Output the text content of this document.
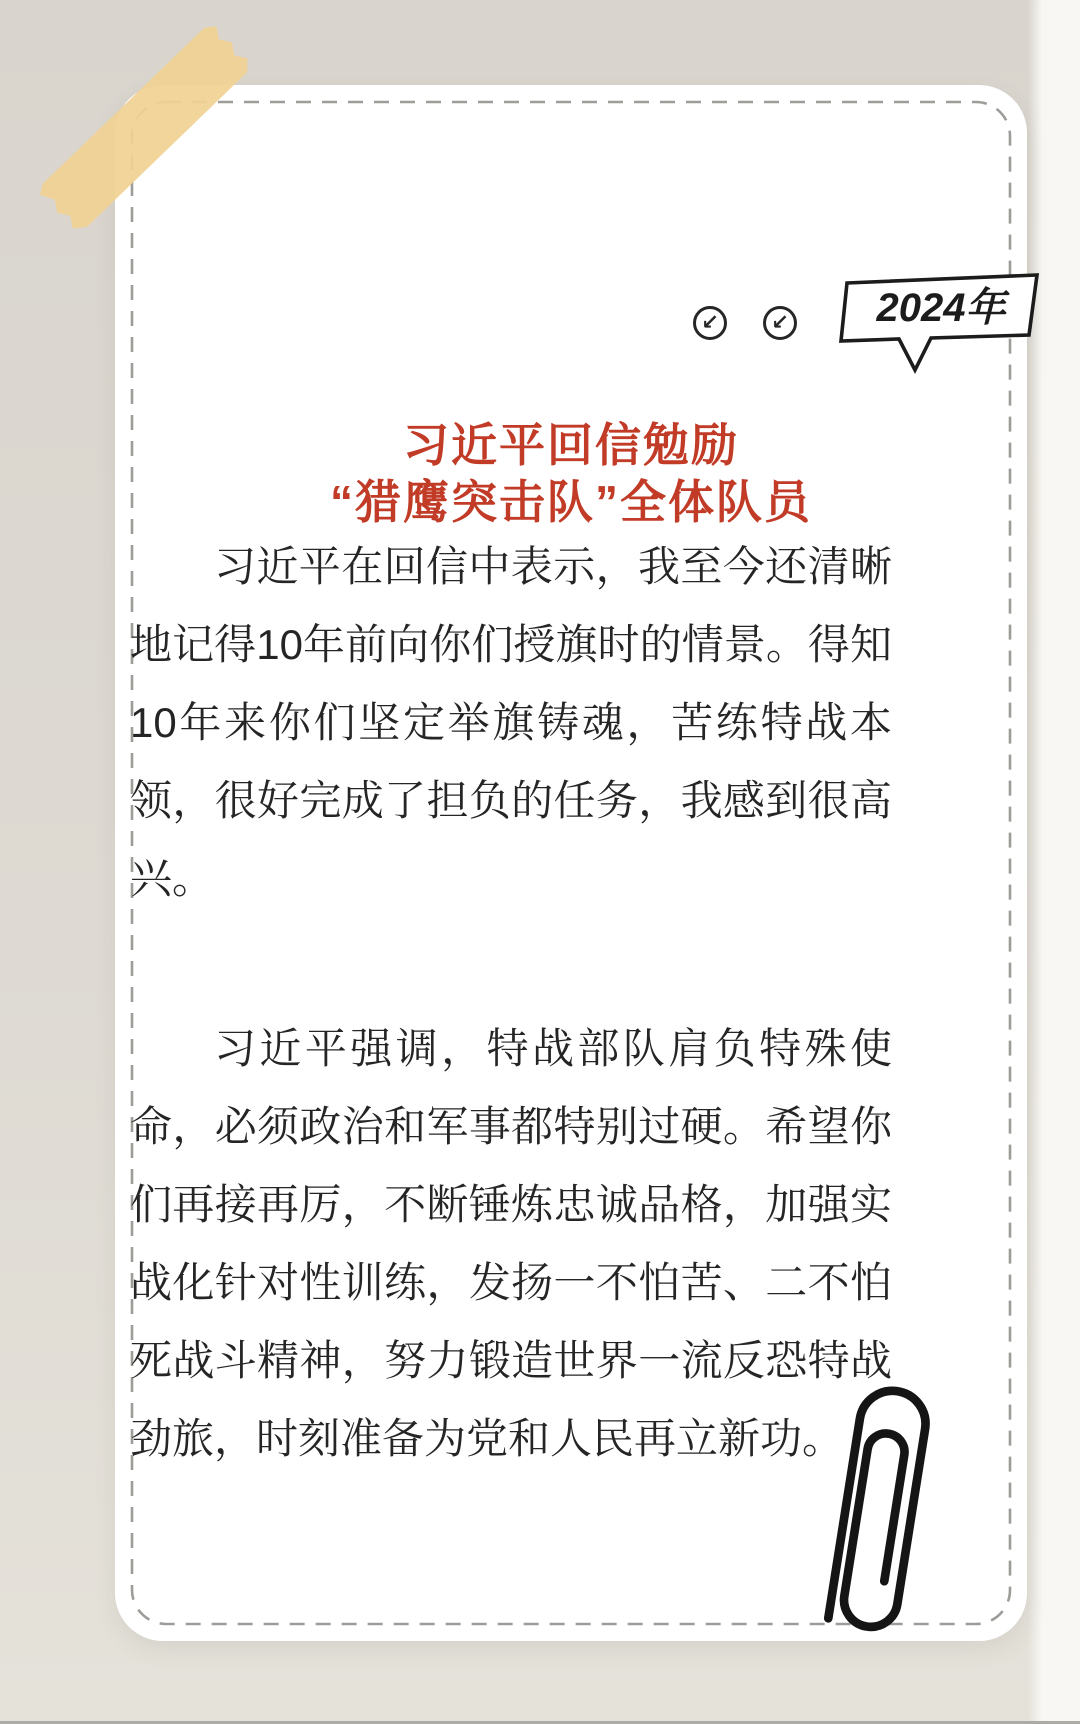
↙	↙ 2024年
习近平回信勉励
“猎鹰突击队”全体队员

习近平在回信中表示，我至今还清晰地记得10年前向你们授旗时的情景。得知10年来你们坚定举旗铸魂，苦练特战本领，很好完成了担负的任务，我感到很高兴。

习近平强调，特战部队肩负特殊使命，必须政治和军事都特别过硬。希望你们再接再厉，不断锤炼忠诚品格，加强实战化针对性训练，发扬一不怕苦、二不怕死战斗精神，努力锻造世界一流反恐特战劲旅，时刻准备为党和人民再立新功。
